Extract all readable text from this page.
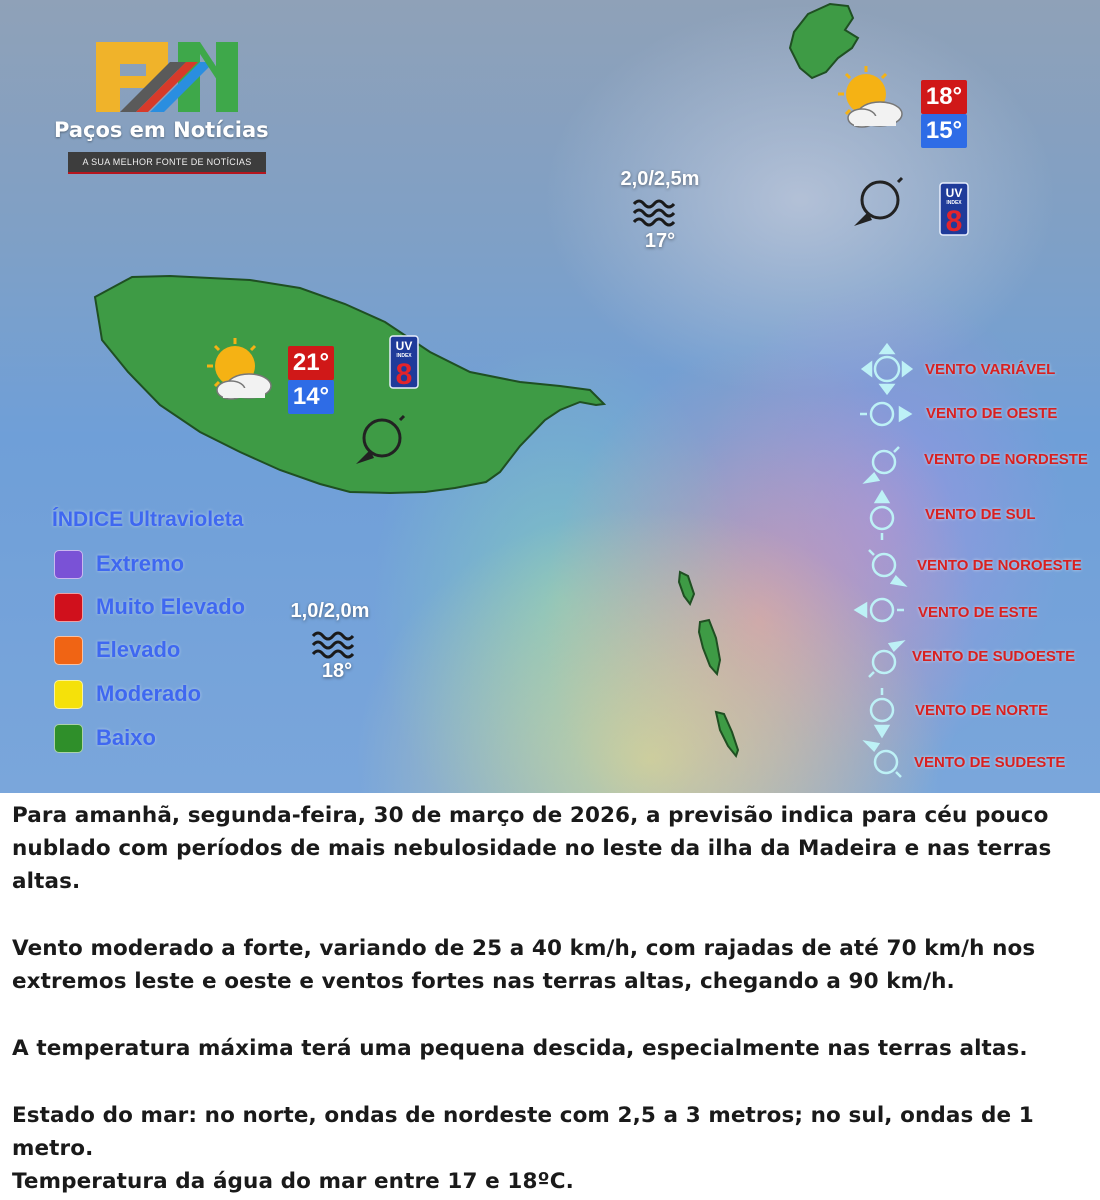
UV
INDEX
8
UV
INDEX
8
Paços em Notícias
A SUA MELHOR FONTE DE NOTÍCIAS
21°
14°
18°
15°
2,0/2,5m
17°
1,0/2,0m
18°
ÍNDICE Ultravioleta
Extremo
Muito Elevado
Elevado
Moderado
Baixo
VENTO VARIÁVEL
VENTO DE OESTE
VENTO DE NORDESTE
VENTO DE SUL
VENTO DE NOROESTE
VENTO DE ESTE
VENTO DE SUDOESTE
VENTO DE NORTE
VENTO DE SUDESTE

Para amanhã, segunda-feira, 30 de março de 2026, a previsão indica para céu pouco nublado com períodos de mais nebulosidade no leste da ilha da Madeira e nas terras altas.

Vento moderado a forte, variando de 25 a 40 km/h, com rajadas de até 70 km/h nos extremos leste e oeste e ventos fortes nas terras altas, chegando a 90 km/h.

A temperatura máxima terá uma pequena descida, especialmente nas terras altas.

Estado do mar: no norte, ondas de nordeste com 2,5 a 3 metros; no sul, ondas de 1 metro.

Temperatura da água do mar entre 17 e 18ºC.
